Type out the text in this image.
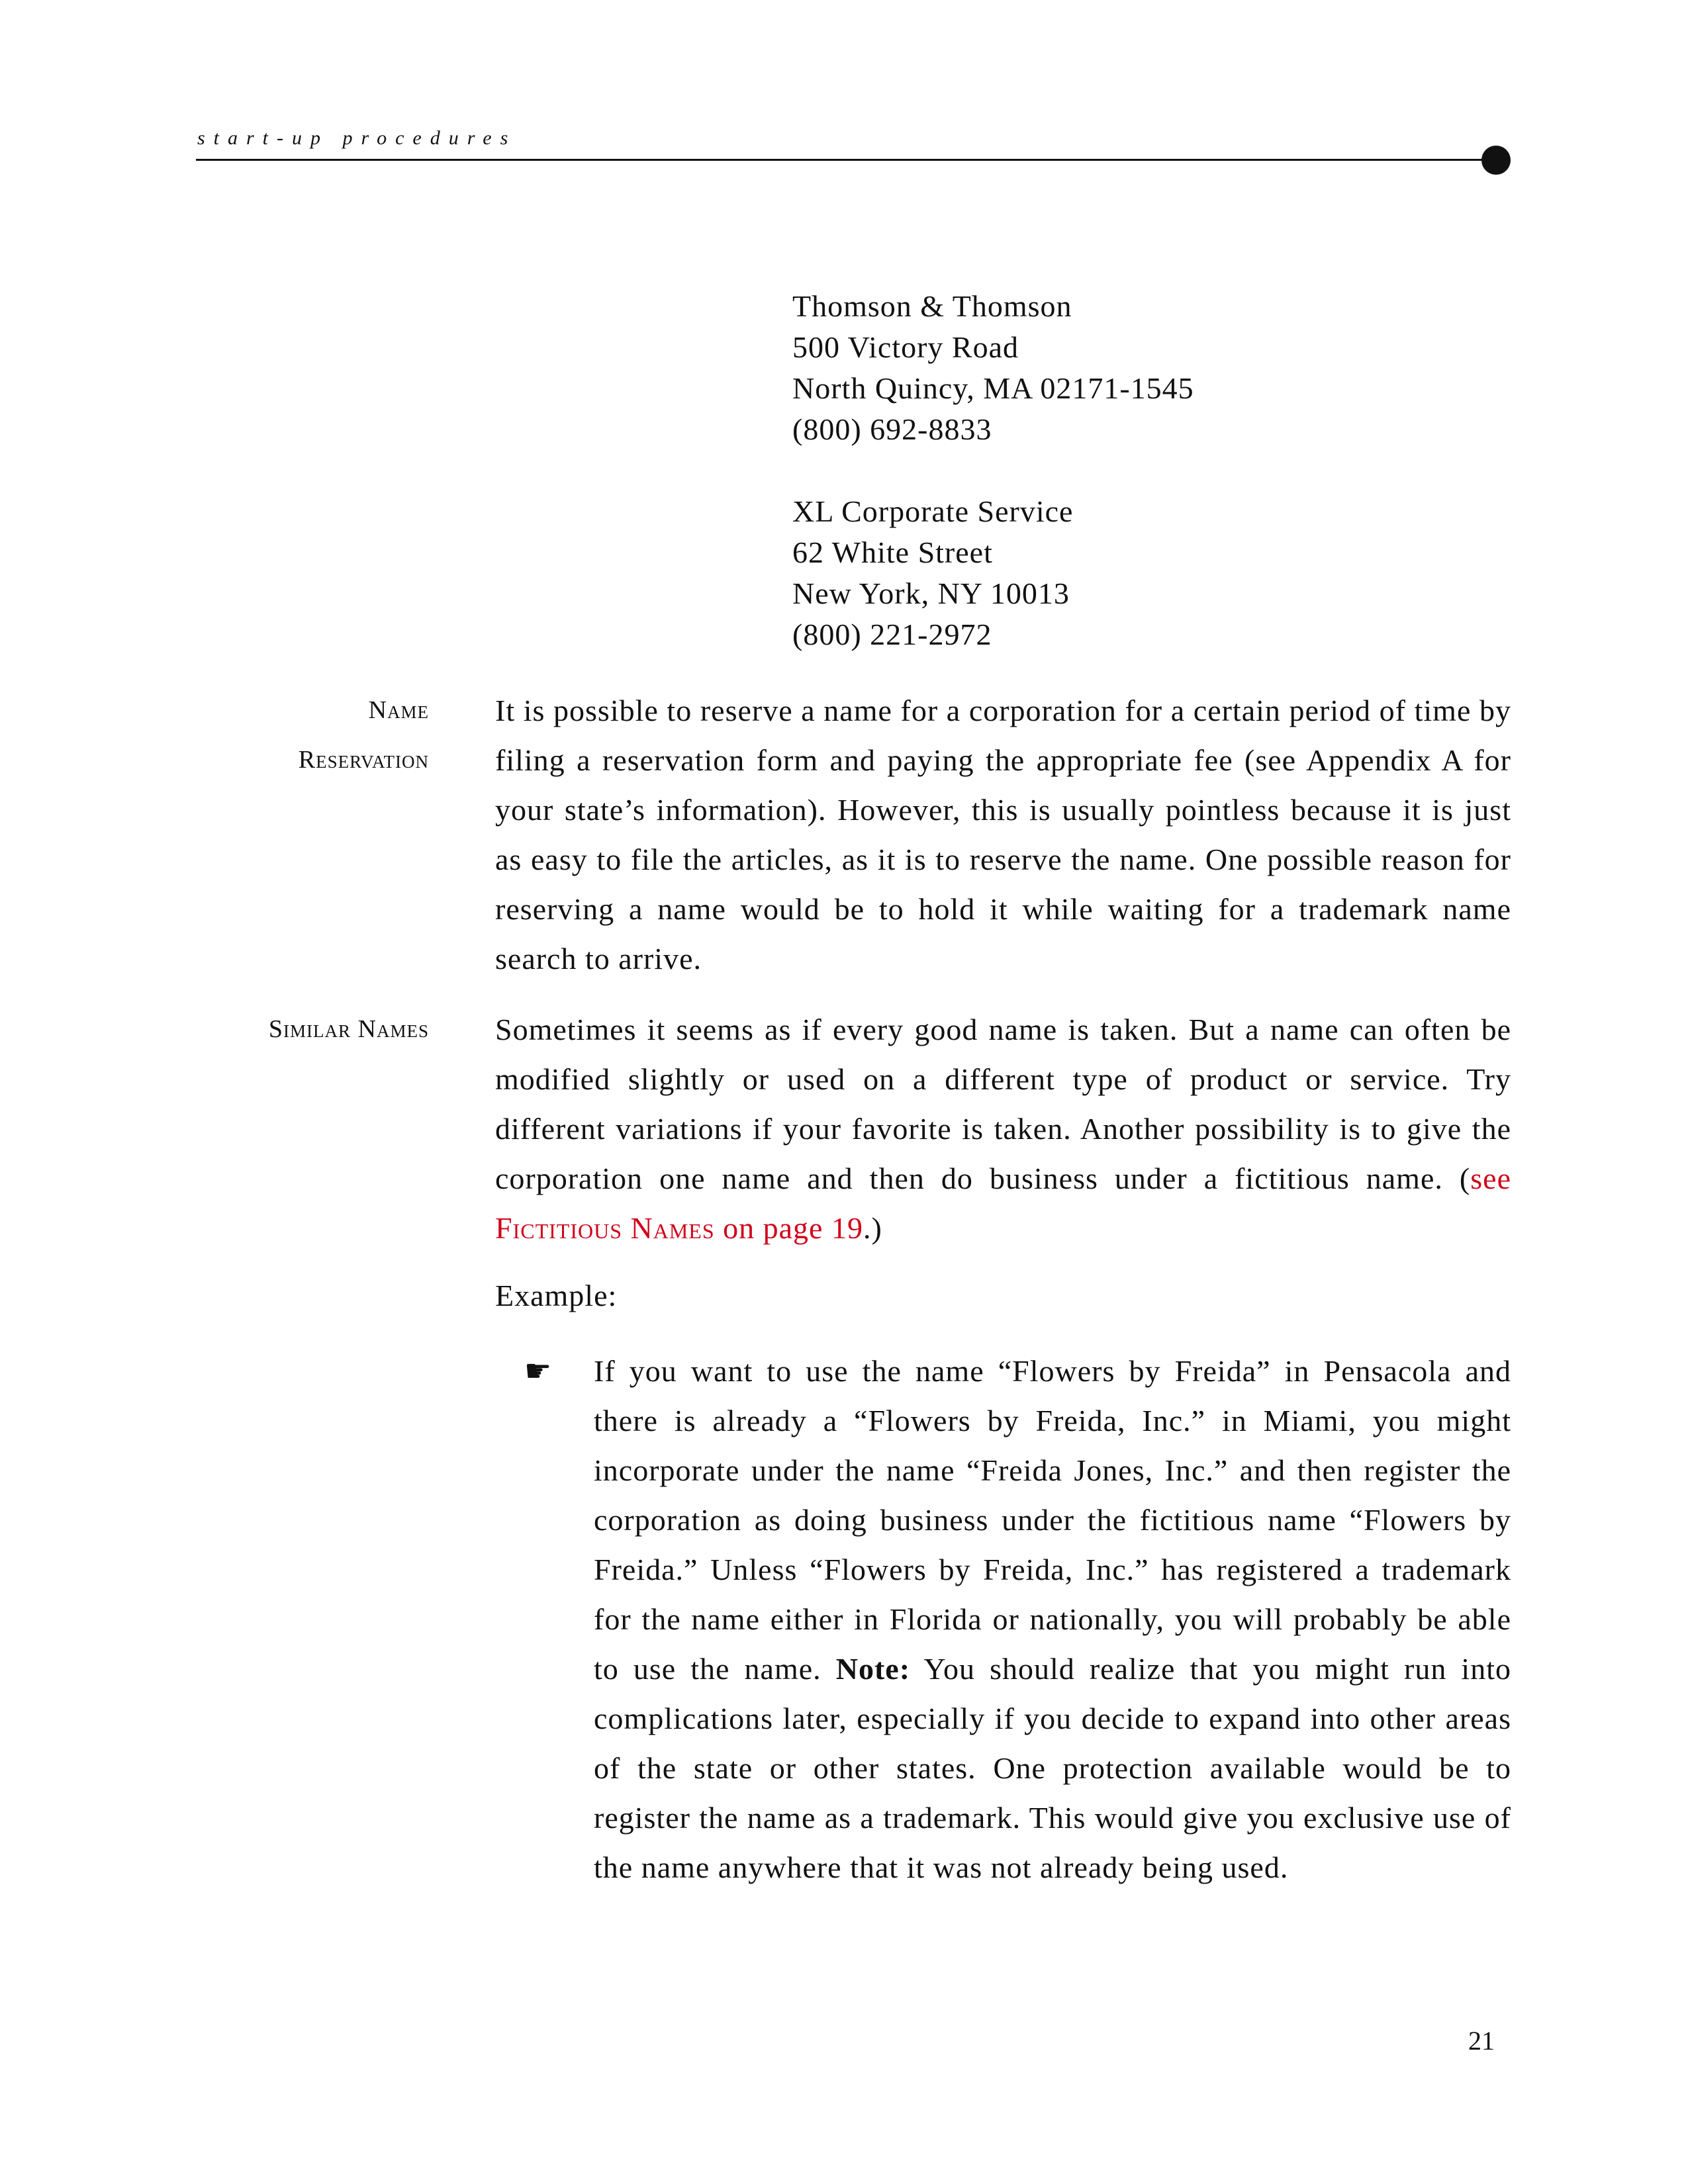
start-up procedures
Thomson & Thomson
500 Victory Road
North Quincy, MA 02171-1545
(800) 692-8833
XL Corporate Service
62 White Street
New York, NY 10013
(800) 221-2972
Name
Reservation

It is possible to reserve a name for a corporation for a certain period of time by filing a reservation form and paying the appropriate fee (see Appendix A for your state’s information). However, this is usually pointless because it is just as easy to file the articles, as it is to reserve the name. One possible reason for reserving a name would be to hold it while waiting for a trademark name search to arrive.

Similar Names Sometimes it seems as if every good name is taken. But a name can often be modified slightly or used on a different type of product or service. Try different variations if your favorite is taken. Another possibility is to give the corporation one name and then do business under a fictitious name. (see Fictitious Names on page 19.)

Example:

☛ If you want to use the name “Flowers by Freida” in Pensacola and there is already a “Flowers by Freida, Inc.” in Miami, you might incorporate under the name “Freida Jones, Inc.” and then register the corporation as doing business under the fictitious name “Flowers by Freida.” Unless “Flowers by Freida, Inc.” has registered a trademark for the name either in Florida or nationally, you will probably be able to use the name. Note: You should realize that you might run into complications later, especially if you decide to expand into other areas of the state or other states. One protection available would be to register the name as a trademark. This would give you exclusive use of the name anywhere that it was not already being used.

21
